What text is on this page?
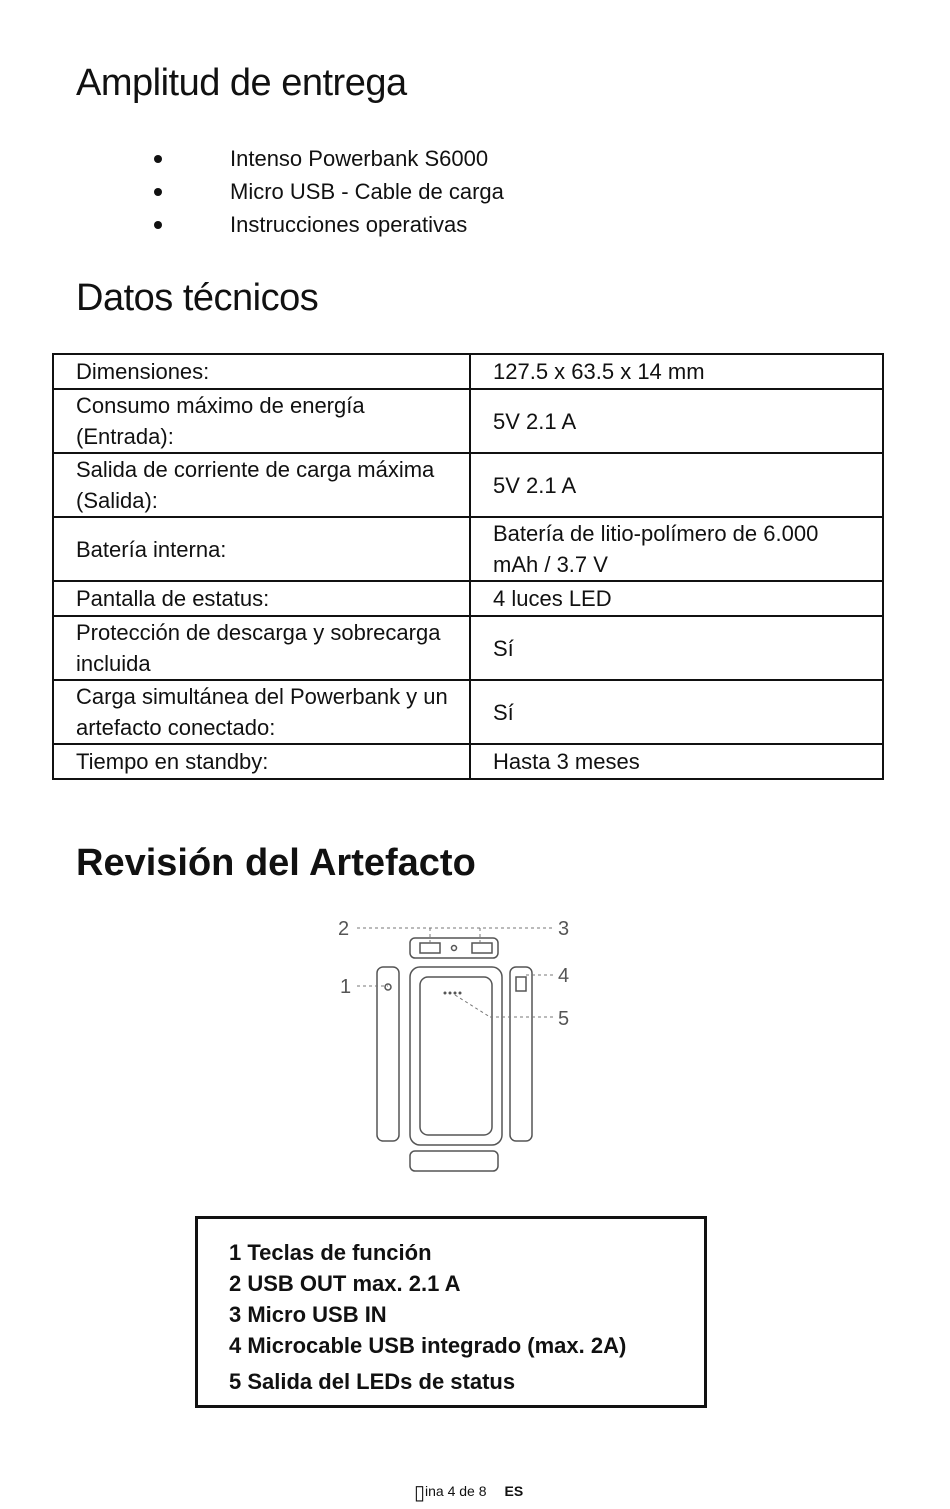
Amplitud de entrega
Intenso Powerbank S6000
Micro USB - Cable de carga
Instrucciones operativas
Datos técnicos
Dimensiones:	127.5 x 63.5 x 14 mm
Consumo máximo de energía (Entrada):	5V 2.1 A
Salida de corriente de carga máxima (Salida):	5V 2.1 A
Batería interna:	Batería de litio-polímero de 6.000 mAh / 3.7 V
Pantalla de estatus:	4 luces LED
Protección de descarga y sobrecarga incluida	Sí
Carga simultánea del Powerbank y un artefacto conectado:	Sí
Tiempo en standby:	Hasta 3 meses
Revisión del Artefacto
2	3
1	4
5
1 Teclas de función
2 USB OUT max. 2.1 A
3 Micro USB IN
4 Microcable USB integrado (max. 2A)
5 Salida del LEDs de status
▯ina 4 de 8 ES
